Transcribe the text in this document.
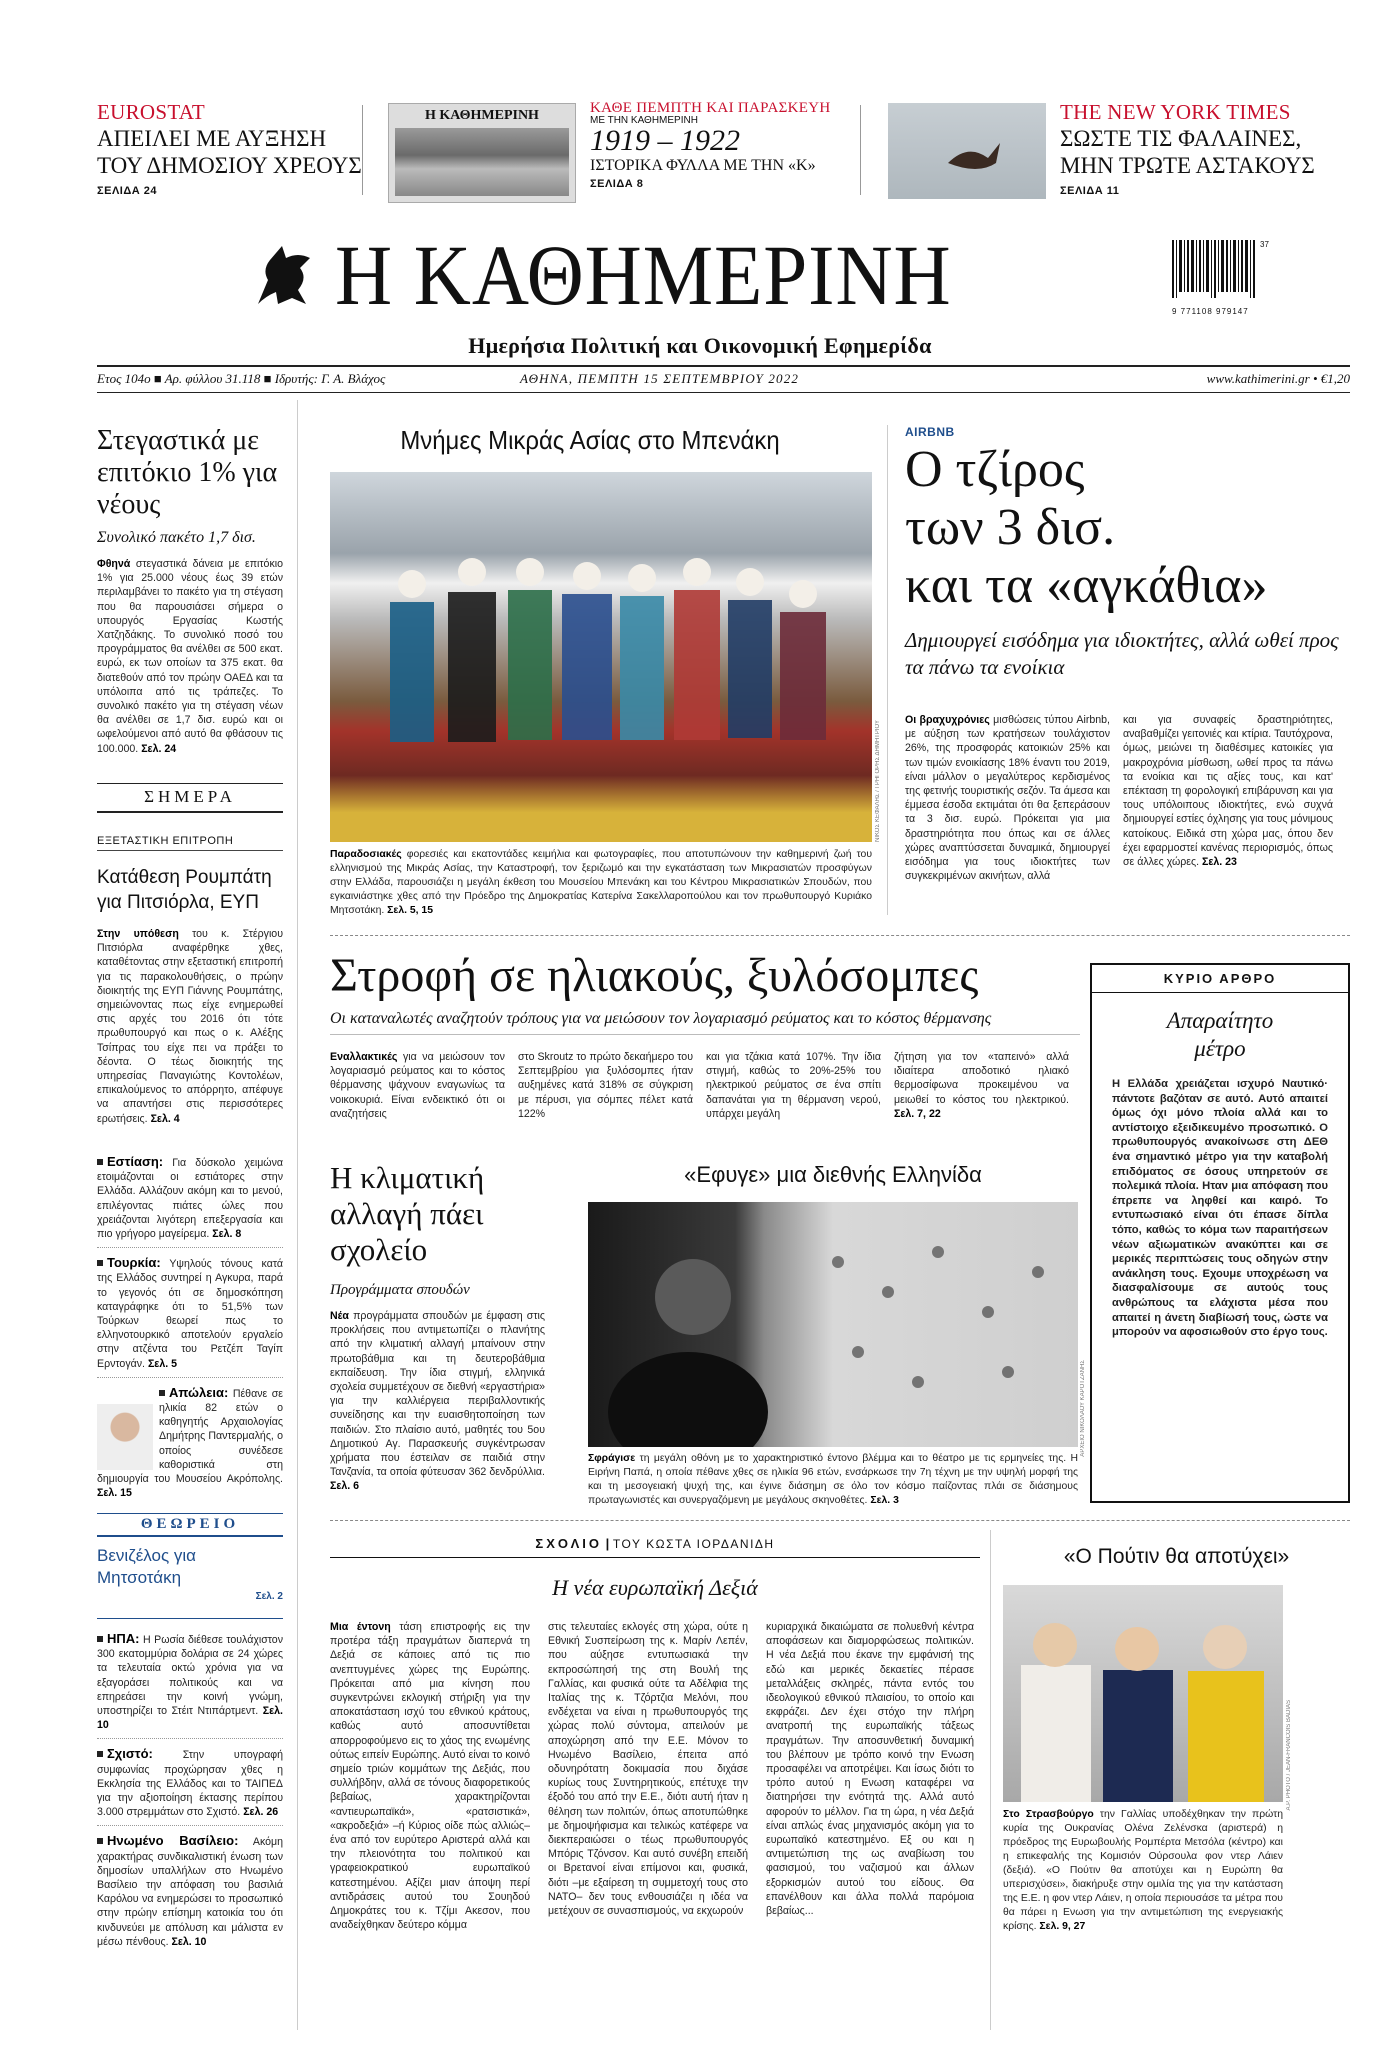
EUROSTAT
ΑΠΕΙΛΕΙ ΜΕ ΑΥΞΗΣΗ
ΤΟΥ ΔΗΜΟΣΙΟΥ ΧΡΕΟΥΣ
ΣΕΛΙΔΑ 24
Η ΚΑΘΗΜΕΡΙΝΗ	ΚΑΘΕ ΠΕΜΠΤΗ ΚΑΙ ΠΑΡΑΣΚΕΥΗ
ΜΕ ΤΗΝ ΚΑΘΗΜΕΡΙΝΗ
1919 – 1922
ΙΣΤΟΡΙΚΑ ΦΥΛΛΑ ΜΕ ΤΗΝ «Κ»
ΣΕΛΙΔΑ 8
THE NEW YORK TIMES
ΣΩΣΤΕ ΤΙΣ ΦΑΛΑΙΝΕΣ,
ΜΗΝ ΤΡΩΤΕ ΑΣΤΑΚΟΥΣ
ΣΕΛΙΔΑ 11
Η ΚΑΘΗΜΕΡΙΝΗ	9 771108 979147
37
Ημερήσια Πολιτική και Οικονομική Εφημερίδα
Ετος 104ο ■ Αρ. φύλλου 31.118 ■ Ιδρυτής: Γ. Α. Βλάχος	ΑΘΗΝΑ, ΠΕΜΠΤΗ 15 ΣΕΠΤΕΜΒΡΙΟΥ 2022	www.kathimerini.gr • €1,20
Στεγαστικά με επιτόκιο 1% για νέους
Συνολικό πακέτο 1,7 δισ.
Φθηνά στεγαστικά δάνεια με επιτόκιο 1% για 25.000 νέους έως 39 ετών περιλαμβάνει το πακέτο για τη στέγαση που θα παρουσιάσει σήμερα ο υπουργός Εργασίας Κωστής Χατζηδάκης. Το συνολικό ποσό του προγράμματος θα ανέλθει σε 500 εκατ. ευρώ, εκ των οποίων τα 375 εκατ. θα διατεθούν από τον πρώην ΟΑΕΔ και τα υπόλοιπα από τις τράπεζες. Το συνολικό πακέτο για τη στέγαση νέων θα ανέλθει σε 1,7 δισ. ευρώ και οι ωφελούμενοι από αυτό θα φθάσουν τις 100.000. Σελ. 24
ΣΗΜΕΡΑ
ΕΞΕΤΑΣΤΙΚΗ ΕΠΙΤΡΟΠΗ
Κατάθεση Ρουμπάτη για Πιτσιόρλα, ΕΥΠ
Στην υπόθεση του κ. Στέργιου Πιτσιόρλα αναφέρθηκε χθες, καταθέτοντας στην εξεταστική επιτροπή για τις παρακολουθήσεις, ο πρώην διοικητής της ΕΥΠ Γιάννης Ρουμπάτης, σημειώνοντας πως είχε ενημερωθεί στις αρχές του 2016 ότι τότε πρωθυπουργό και πως ο κ. Αλέξης Τσίπρας του είχε πει να πράξει το δέοντα. Ο τέως διοικητής της υπηρεσίας Παναγιώτης Κοντολέων, επικαλούμενος το απόρρητο, απέφυγε να απαντήσει στις περισσότερες ερωτήσεις. Σελ. 4
Εστίαση: Για δύσκολο χειμώνα ετοιμάζονται οι εστιάτορες στην Ελλάδα. Αλλάζουν ακόμη και το μενού, επιλέγοντας πιάτες ώλες που χρειάζονται λιγότερη επεξεργασία και πιο γρήγορο μαγείρεμα. Σελ. 8
Τουρκία: Υψηλούς τόνους κατά της Ελλάδος συντηρεί η Αγκυρα, παρά το γεγονός ότι σε δημοσκόπηση καταγράφηκε ότι το 51,5% των Τούρκων θεωρεί πως το ελληνοτουρκικό αποτελούν εργαλείο στην ατζέντα του Ρετζέπ Ταγίπ Ερντογάν. Σελ. 5
Απώλεια: Πέθανε σε ηλικία 82 ετών ο καθηγητής Αρχαιολογίας Δημήτρης Παντερμαλής, ο οποίος συνέδεσε καθοριστικά στη δημιουργία του Μουσείου Ακρόπολης. Σελ. 15
ΘΕΩΡΕΙΟ
Βενιζέλος για Μητσοτάκη
Σελ. 2
ΗΠΑ: Η Ρωσία διέθεσε τουλάχιστον 300 εκατομμύρια δολάρια σε 24 χώρες τα τελευταία οκτώ χρόνια για να εξαγοράσει πολιτικούς και να επηρεάσει την κοινή γνώμη, υποστηρίζει το Στέιτ Ντιπάρτμεντ. Σελ. 10
Σχιστό:	Στην υπογραφή συμφωνίας προχώρησαν χθες η Εκκλησία της Ελλάδος και το ΤΑΙΠΕΔ για την αξιοποίηση έκτασης περίπου 3.000 στρεμμάτων στο Σχιστό. Σελ. 26
Ηνωμένο Βασίλειο: Ακόμη χαρακτήρας συνδικαλιστική ένωση των δημοσίων υπαλλήλων στο Ηνωμένο Βασίλειο την απόφαση του βασιλιά Καρόλου να ενημερώσει το προσωπικό στην πρώην επίσημη κατοικία του ότι κινδυνεύει με απόλυση και μάλιστα εν μέσω πένθους. Σελ. 10
Μνήμες Μικράς Ασίας στο Μπενάκη
ΝΙΚΟΣ ΚΕΦΑΛΗΣ / ΓΡΗΓΟΡΗΣ ΔΗΜΗΤΡΙΟΥ
Παραδοσιακές φορεσιές και εκατοντάδες κειμήλια και φωτογραφίες, που αποτυπώνουν την καθημερινή ζωή του ελληνισμού της Μικράς Ασίας, την Καταστροφή, τον ξεριζωμό και την εγκατάσταση των Μικρασιατών προσφύγων στην Ελλάδα, παρουσιάζει η μεγάλη έκθεση του Μουσείου Μπενάκη και του Κέντρου Μικρασιατικών Σπουδών, που εγκαινιάστηκε χθες από την Πρόεδρο της Δημοκρατίας Κατερίνα Σακελλαροπούλου και τον πρωθυπουργό Κυριάκο Μητσοτάκη. Σελ. 5, 15
AIRBNB
Ο τζίρος
των 3 δισ.
και τα «αγκάθια»
Δημιουργεί εισόδημα για ιδιοκτήτες, αλλά ωθεί προς τα πάνω τα ενοίκια
Οι βραχυχρόνιες μισθώσεις τύπου Airbnb, με αύξηση των κρατήσεων τουλάχιστον 26%, της προσφοράς κατοικιών 25% και των τιμών ενοικίασης 18% έναντι του 2019, είναι μάλλον ο μεγαλύτερος κερδισμένος της φετινής τουριστικής σεζόν. Τα άμεσα και έμμεσα έσοδα εκτιμάται ότι θα ξεπεράσουν τα 3 δισ. ευρώ. Πρόκειται για μια δραστηριότητα που όπως και σε άλλες χώρες αναπτύσσεται δυναμικά, δημιουργεί εισόδημα για τους ιδιοκτήτες των συγκεκριμένων ακινήτων, αλλά
και για συναφείς δραστηριότητες, αναβαθμίζει γειτονιές και κτίρια. Ταυτόχρονα, όμως, μειώνει τη διαθέσιμες κατοικίες για μακροχρόνια μίσθωση, ωθεί προς τα πάνω τα ενοίκια και τις αξίες τους, και κατ' επέκταση τη φορολογική επιβάρυνση και για τους υπόλοιπους ιδιοκτήτες, ενώ συχνά δημιουργεί εστίες όχλησης για τους μόνιμους κατοίκους. Ειδικά στη χώρα μας, όπου δεν έχει εφαρμοστεί κανένας περιορισμός, όπως σε άλλες χώρες. Σελ. 23
Στροφή σε ηλιακούς, ξυλόσομπες
Οι καταναλωτές αναζητούν τρόπους για να μειώσουν τον λογαριασμό ρεύματος και το κόστος θέρμανσης
Εναλλακτικές για να μειώσουν τον λογαριασμό ρεύματος και το κόστος θέρμανσης ψάχνουν εναγωνίως τα νοικοκυριά. Είναι ενδεικτικό ότι οι αναζητήσεις
στο Skroutz το πρώτο δεκαήμερο του Σεπτεμβρίου για ξυλόσομπες ήταν αυξημένες κατά 318% σε σύγκριση με πέρυσι, για σόμπες πέλετ κατά 122%
και για τζάκια κατά 107%. Την ίδια στιγμή, καθώς το 20%-25% του ηλεκτρικού ρεύματος σε ένα σπίτι δαπανάται για τη θέρμανση νερού, υπάρχει μεγάλη
ζήτηση για τον «ταπεινό» αλλά ιδιαίτερα αποδοτικό ηλιακό θερμοσίφωνα προκειμένου να μειωθεί το κόστος του ηλεκτρικού. Σελ. 7, 22
ΚΥΡΙΟ ΑΡΘΡΟ
Απαραίτητο μέτρο
Η Ελλάδα χρειάζεται ισχυρό Ναυτικό· πάντοτε βαζόταν σε αυτό. Αυτό απαιτεί όμως όχι μόνο πλοία αλλά και το αντίστοιχο εξειδικευμένο προσωπικό. Ο πρωθυπουργός ανακοίνωσε στη ΔΕΘ ένα σημαντικό μέτρο για την καταβολή επιδόματος σε όσους υπηρετούν σε πολεμικά πλοία. Ηταν μια απόφαση που έπρεπε να ληφθεί και καιρό. Το εντυπωσιακό είναι ότι έπασε δίπλα τόπο, καθώς το κόμα των παραιτήσεων νέων αξιωματικών ανακύπτει και σε μερικές περιπτώσεις τους οδηγών στην ανάκληση τους. Εχουμε υποχρέωση να διασφαλίσουμε σε αυτούς τους ανθρώπους τα ελάχιστα μέσα που απαιτεί η άνετη διαβίωσή τους, ώστε να μπορούν να αφοσιωθούν στο έργο τους.
Η κλιματική
αλλαγή πάει
σχολείο
Προγράμματα σπουδών
Νέα προγράμματα σπουδών με έμφαση στις προκλήσεις που αντιμετωπίζει ο πλανήτης από την κλιματική αλλαγή μπαίνουν στην πρωτοβάθμια και τη δευτεροβάθμια εκπαίδευση. Την ίδια στιγμή, ελληνικά σχολεία συμμετέχουν σε διεθνή «εργαστήρια» για την καλλιέργεια περιβαλλοντικής συνείδησης και την ευαισθητοποίηση των παιδιών. Στο πλαίσιο αυτό, μαθητές του 5ου Δημοτικού Αγ. Παρασκευής συγκέντρωσαν χρήματα που έστειλαν σε παιδιά στην Τανζανία, τα οποία φύτευσαν 362 δενδρύλλια. Σελ. 6
«Εφυγε» μια διεθνής Ελληνίδα
ΑΡΧΕΙΟ ΝΙΚΟΛΑΟΥ ΚΑΡΟΤΖΑΝΗΣ
Σφράγισε τη μεγάλη οθόνη με το χαρακτηριστικό έντονο βλέμμα και το θέατρο με τις ερμηνείες της. Η Ειρήνη Παπά, η οποία πέθανε χθες σε ηλικία 96 ετών, ενσάρκωσε την 7η τέχνη με την υψηλή μορφή της και τη μεσογειακή ψυχή της, και έγινε διάσημη σε όλο τον κόσμο παίζοντας πλάι σε διάσημους πρωταγωνιστές και συνεργαζόμενη με μεγάλους σκηνοθέτες. Σελ. 3
ΣΧΟΛΙΟ | ΤΟΥ ΚΩΣΤΑ ΙΟΡΔΑΝΙΔΗ
Η νέα ευρωπαϊκή Δεξιά
Μια έντονη τάση επιστροφής εις την προτέρα τάξη πραγμάτων διαπερνά τη Δεξιά σε κάποιες από τις πιο ανεπτυγμένες χώρες της Ευρώπης. Πρόκειται από μια κίνηση που συγκεντρώνει εκλογική στήριξη για την αποκατάσταση ισχύ του εθνικού κράτους, καθώς αυτό αποσυντίθεται απορροφούμενο εις το χάος της ενωμένης ούτως ειπείν Ευρώπης. Αυτό είναι το κοινό σημείο τριών κομμάτων της Δεξιάς, που συλλήβδην, αλλά σε τόνους διαφορετικούς βεβαίως, χαρακτηρίζονται «αντιευρωπαϊκά», «ρατσιστικά», «ακροδεξιά» –ή Κύριος οίδε πώς αλλιώς– ένα από τον ευρύτερο Αριστερά αλλά και την πλειονότητα του πολιτικού και γραφειοκρατικού ευρωπαϊκού κατεστημένου. Αξίζει μιαν άποψη περί αντιδράσεις αυτού του Σουηδού Δημοκράτες του κ. Τζίμι Ακεσον, που αναδείχθηκαν δεύτερο κόμμα
στις τελευταίες εκλογές στη χώρα, ούτε η Εθνική Συσπείρωση της κ. Μαρίν Λεπέν, που αύξησε εντυπωσιακά την εκπροσώπησή της στη Βουλή της Γαλλίας, και φυσικά ούτε τα Αδέλφια της Ιταλίας της κ. Τζόρτζια Μελόνι, που ενδέχεται να είναι η πρωθυπουργός της χώρας πολύ σύντομα, απειλούν με αποχώρηση από την Ε.Ε. Μόνον το Ηνωμένο Βασίλειο, έπειτα από οδυνηρότατη δοκιμασία που διχάσε κυρίως τους Συντηρητικούς, επέτυχε την έξοδό του από την Ε.Ε., διότι αυτή ήταν η θέληση των πολιτών, όπως αποτυπώθηκε με δημοψήφισμα και τελικώς κατέφερε να διεκπεραιώσει ο τέως πρωθυπουργός Μπόρις Τζόνσον. Και αυτό συνέβη επειδή οι Βρετανοί είναι επίμονοι και, φυσικά, διότι –με εξαίρεση τη συμμετοχή τους στο ΝΑΤΟ– δεν τους ενθουσιάζει η ιδέα να μετέχουν σε συνασπισμούς, να εκχωρούν
κυριαρχικά δικαιώματα σε πολυεθνή κέντρα αποφάσεων και διαμορφώσεως πολιτικών. Η νέα Δεξιά που έκανε την εμφάνισή της εδώ και μερικές δεκαετίες πέρασε μεταλλάξεις σκληρές, πάντα εντός του ιδεολογικού εθνικού πλαισίου, το οποίο και εκφράζει. Δεν έχει στόχο την πλήρη ανατροπή της ευρωπαϊκής τάξεως πραγμάτων. Την αποσυνθετική δυναμική του βλέπουν με τρόπο κοινό την Ενωση προσαφέλει να αποτρέψει. Και ίσως διότι το τρόπο αυτού η Ενωση καταφέρει να διατηρήσει την ενότητά της. Αλλά αυτό αφορούν το μέλλον. Για τη ώρα, η νέα Δεξιά είναι απλώς ένας μηχανισμός ακόμη για το ευρωπαϊκό κατεστημένο. Εξ ου και η αντιμετώπιση της ως αναβίωση του φασισμού, του ναζισμού και άλλων εξορκισμών αυτού του είδους. Θα επανέλθουν και άλλα πολλά παρόμοια βεβαίως...
«Ο Πούτιν θα αποτύχει»
A.P. PHOTO / JEAN-FRANCOIS BADIAS
Στο Στρασβούργο την Γαλλίας υποδέχθηκαν την πρώτη κυρία της Ουκρανίας Ολένα Ζελένσκα (αριστερά) η πρόεδρος της Ευρωβουλής Ρομπέρτα Μετσόλα (κέντρο) και η επικεφαλής της Κομισιόν Ούρσουλα φον ντερ Λάιεν (δεξιά). «Ο Πούτιν θα αποτύχει και η Ευρώπη θα υπερισχύσει», διακήρυξε στην ομιλία της για την κατάσταση της Ε.Ε. η φον ντερ Λάιεν, η οποία περιουσάσε τα μέτρα που θα πάρει η Ενωση για την αντιμετώπιση της ενεργειακής κρίσης. Σελ. 9, 27
